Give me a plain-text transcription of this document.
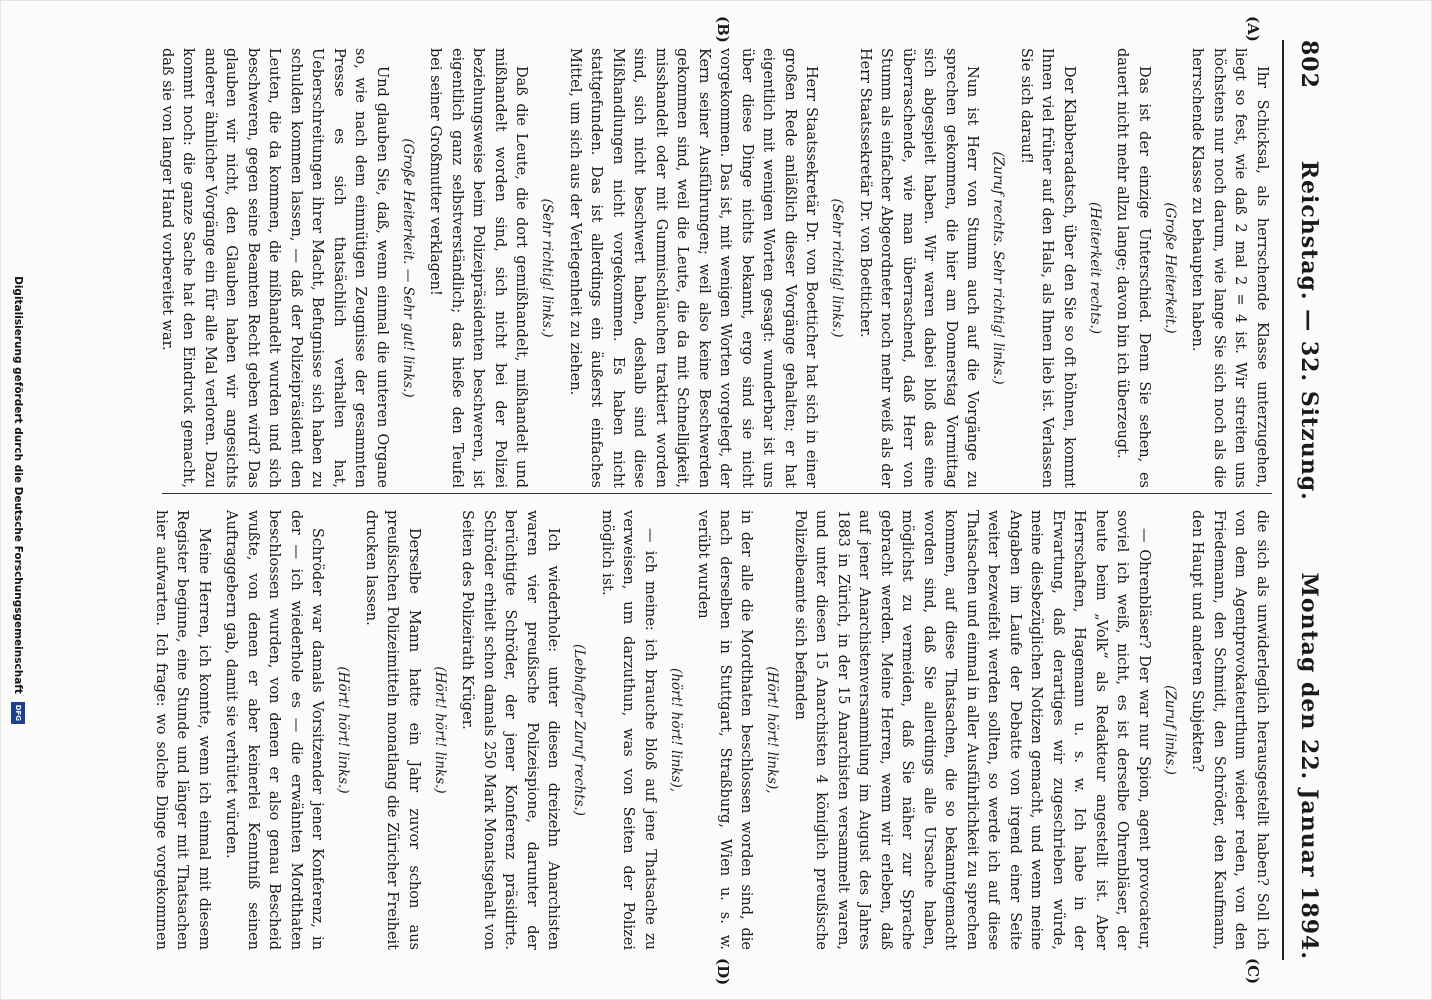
802
Reichstag. — 32. Sitzung.
Montag den 22. Januar 1894.
(A)
(B)
(C)
(D)

Ihr Schicksal, als herrschende Klasse unterzugehen, liegt so fest, wie daß 2 mal 2 = 4 ist. Wir streiten uns höchstens nur noch darum, wie lange Sie sich noch als die herrschende Klasse zu behaupten haben.

(Große Heiterkeit.)

Das ist der einzige Unterschied. Denn Sie sehen, es dauert nicht mehr allzu lange; davon bin ich überzeugt.

(Heiterkeit rechts.)

Der Klabberadatsch, über den Sie so oft höhnen, kommt Ihnen viel früher auf den Hals, als Ihnen lieb ist. Verlassen Sie sich darauf!

(Zuruf rechts. Sehr richtig! links.)

Nun ist Herr von Stumm auch auf die Vorgänge zu sprechen gekommen, die hier am Donnerstag Vormittag sich abgespielt haben. Wir waren dabei bloß das eine überraschende, wie man überraschend, daß Herr von Stumm als einfacher Abgeordneter noch mehr weiß als der Herr Staatssekretär Dr. von Boetticher.

(Sehr richtig! links.)

Herr Staatssekretär Dr. von Boetticher hat sich in einer großen Rede anläßlich dieser Vorgänge gehalten; er hat eigentlich mit wenigen Worten gesagt: wunderbar ist uns über diese Dinge nichts bekannt, ergo sind sie nicht vorgekommen. Das ist, mit wenigen Worten vorgelegt, der Kern seiner Ausführungen; weil also keine Beschwerden gekommen sind, weil die Leute, die da mit Schnelligkeit, misshandelt oder mit Gummischläuchen traktiert worden sind, sich nicht beschwert haben, deshalb sind diese Mißhandlungen nicht vorgekommen. Es haben nicht stattgefunden. Das ist allerdings ein äußerst einfaches Mittel, um sich aus der Verlegenheit zu ziehen.

(Sehr richtig! links.)

Daß die Leute, die dort gemißhandelt, mißhandelt und mißhandelt worden sind, sich nicht bei der Polizei beziehungsweise beim Polizeipräsidenten beschweren, ist eigentlich ganz selbstverständlich; das hieße den Teufel bei seiner Großmutter verklagen!

(Große Heiterkeit. — Sehr gut! links.)

Und glauben Sie, daß, wenn einmal die unteren Organe so, wie nach dem einmütigen Zeugnisse der gesammten Presse es sich thatsächlich verhalten hat, Ueberschreitungen ihrer Macht, Befugnisse sich haben zu schulden kommen lassen, — daß der Polizeipräsident den Leuten, die da kommen, die mißhandelt wurden und sich beschweren, gegen seine Beamten Recht geben wird? Das glauben wir nicht, den Glauben haben wir angesichts anderer ähnlicher Vorgänge ein für alle Mal verloren. Dazu kommt noch: die ganze Sache hat den Eindruck gemacht, daß sie von langer Hand vorbereitet war.

die sich als unwiderleglich herausgestellt haben? Soll ich von dem Agentprovokateurthum wieder reden, von den Friedemann, den Schmidt, den Schröder, den Kaufmann, den Haupt und anderen Subjekten?

(Zuruf links.)

— Ohrenbläser? Der war nur Spion, agent provocateur, soviel ich weiß, nicht, es ist derselbe Ohrenbläser, der heute beim „Volk“ als Redakteur angestellt ist. Aber Herrschaften, Hagemann u. s. w. Ich habe in der Erwartung, daß derartiges wir zugeschrieben würde, meine diesbezüglichen Notizen gemacht, und wenn meine Angaben im Laufe der Debatte von irgend einer Seite weiter bezweifelt werden sollten, so werde ich auf diese Thatsachen und einmal in aller Ausführlichkeit zu sprechen kommen, auf diese Thatsachen, die so bekanntgemacht worden sind, daß Sie allerdings alle Ursache haben, möglichst zu vermeiden, daß Sie näher zur Sprache gebracht werden. Meine Herren, wenn wir erleben, daß auf jener Anarchistenversammlung im August des Jahres 1883 in Zürich, in der 15 Anarchisten versammelt waren, und unter diesen 15 Anarchisten 4 königlich preußische Polizeibeamte sich befanden

(Hört! hört! links),

in der alle die Mordthaten beschlossen worden sind, die nach derselben in Stuttgart, Straßburg, Wien u. s. w. verübt wurden

(hört! hört! links),

— ich meine: ich brauche bloß auf jene Thatsache zu verweisen, um darzuthun, was von Seiten der Polizei möglich ist.

(Lebhafter Zuruf rechts.)

Ich wiederhole: unter diesen dreizehn Anarchisten waren vier preußische Polizeispione, darunter der berüchtigte Schröder, der jener Konferenz präsidirte. Schröder erhielt schon damals 250 Mark Monatsgehalt von Seiten des Polizeirath Krüger.

(Hört! hört! links.)

Derselbe Mann hatte ein Jahr zuvor schon aus preußischen Polizeimitteln monatlang die Züricher Freiheit drucken lassen.

(Hört! hört! links.)

Schröder war damals Vorsitzender jener Konferenz, in der — ich wiederhole es — die erwähnten Mordthaten beschlossen wurden, von denen er also genau Bescheid wußte, von denen er aber keinerlei Kenntniß seinen Auftraggebern gab, damit sie verhütet würden.

Meine Herren, ich konnte, wenn ich einmal mit diesem Register beginne, eine Stunde und länger mit Thatsachen hier aufwarten. Ich frage: wo solche Dinge vorgekommen

Digitalisierung gefördert durch die Deutsche Forschungsgemeinschaft
DFG
